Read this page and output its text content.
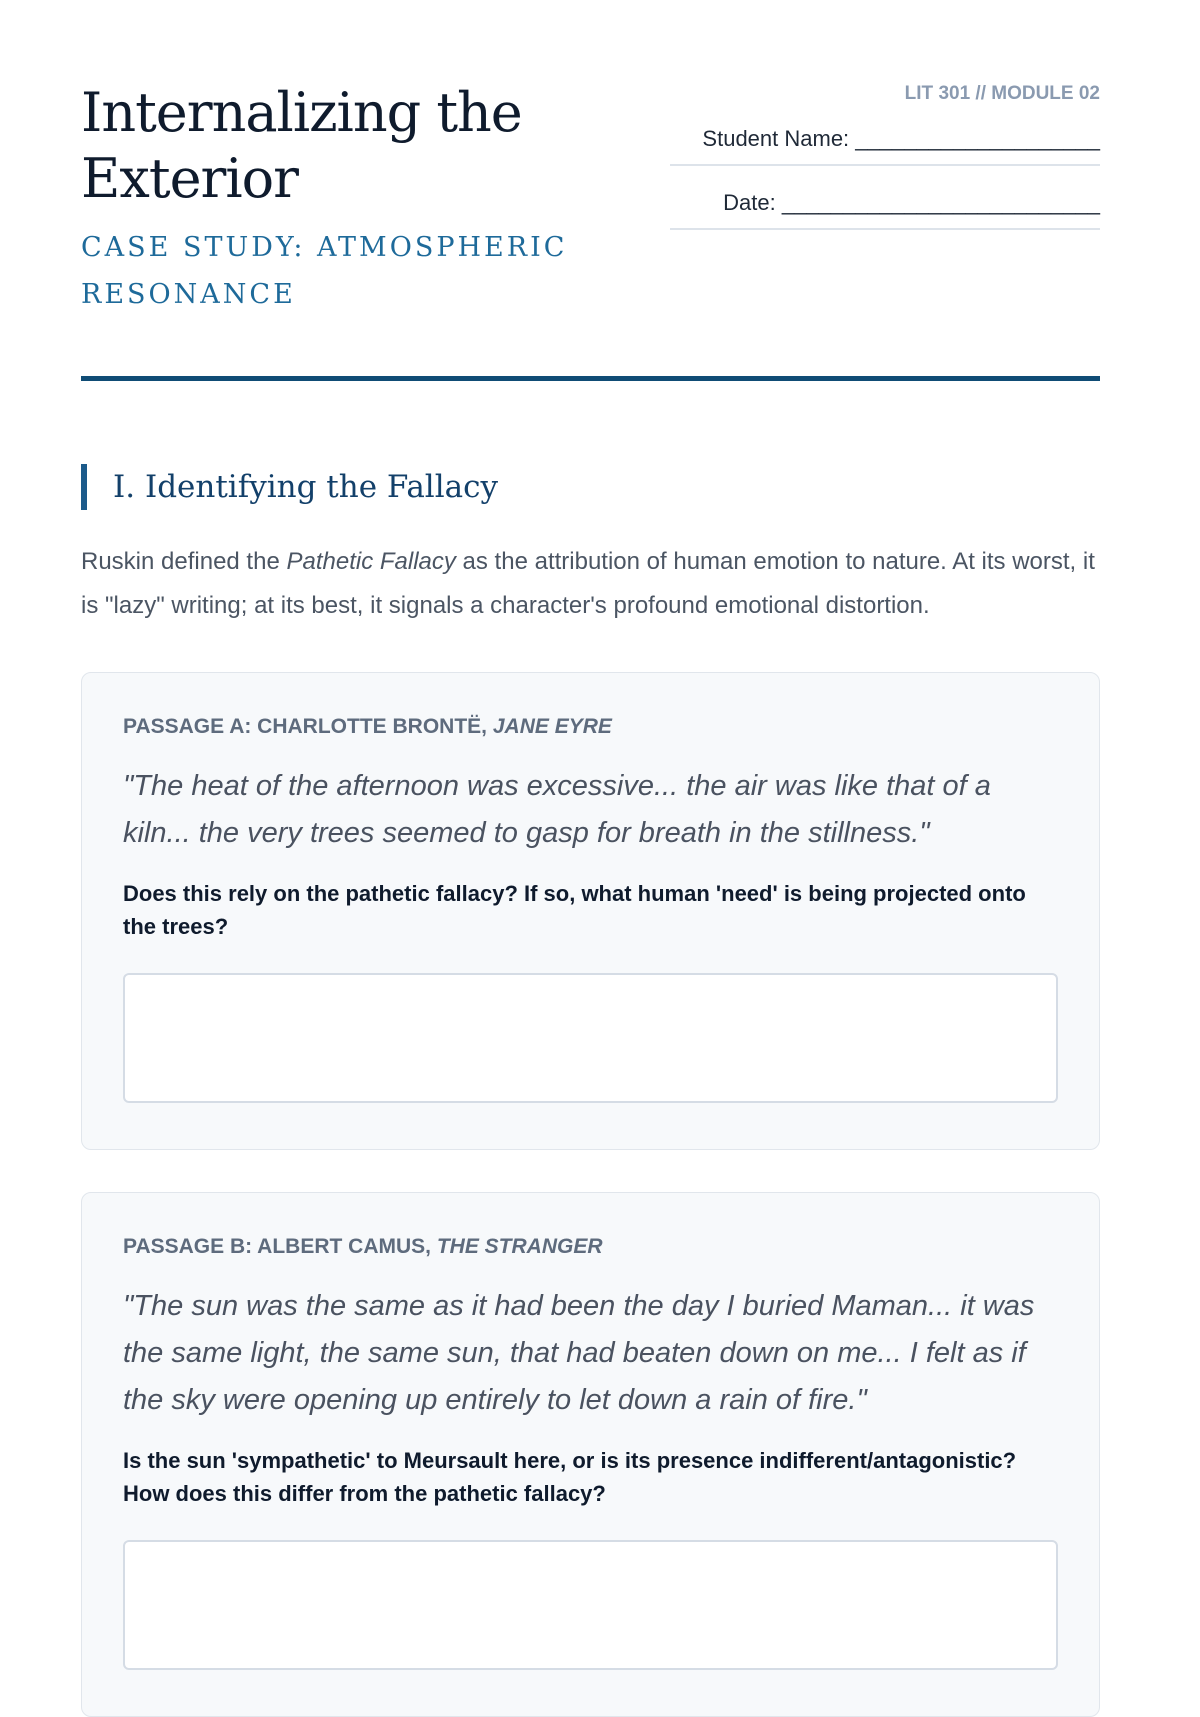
Internalizing the Exterior
CASE STUDY: ATMOSPHERIC RESONANCE
LIT 301 // MODULE 02
Student Name: ____________________
Date: __________________________
I. Identifying the Fallacy

Ruskin defined the Pathetic Fallacy as the attribution of human emotion to nature. At its worst, it is "lazy" writing; at its best, it signals a character's profound emotional distortion.

PASSAGE A: CHARLOTTE BRONTË, JANE EYRE

"The heat of the afternoon was excessive... the air was like that of a kiln... the very trees seemed to gasp for breath in the stillness."

Does this rely on the pathetic fallacy? If so, what human 'need' is being projected onto the trees?
PASSAGE B: ALBERT CAMUS, THE STRANGER

"The sun was the same as it had been the day I buried Maman... it was the same light, the same sun, that had beaten down on me... I felt as if the sky were opening up entirely to let down a rain of fire."

Is the sun 'sympathetic' to Meursault here, or is its presence indifferent/antagonistic? How does this differ from the pathetic fallacy?
